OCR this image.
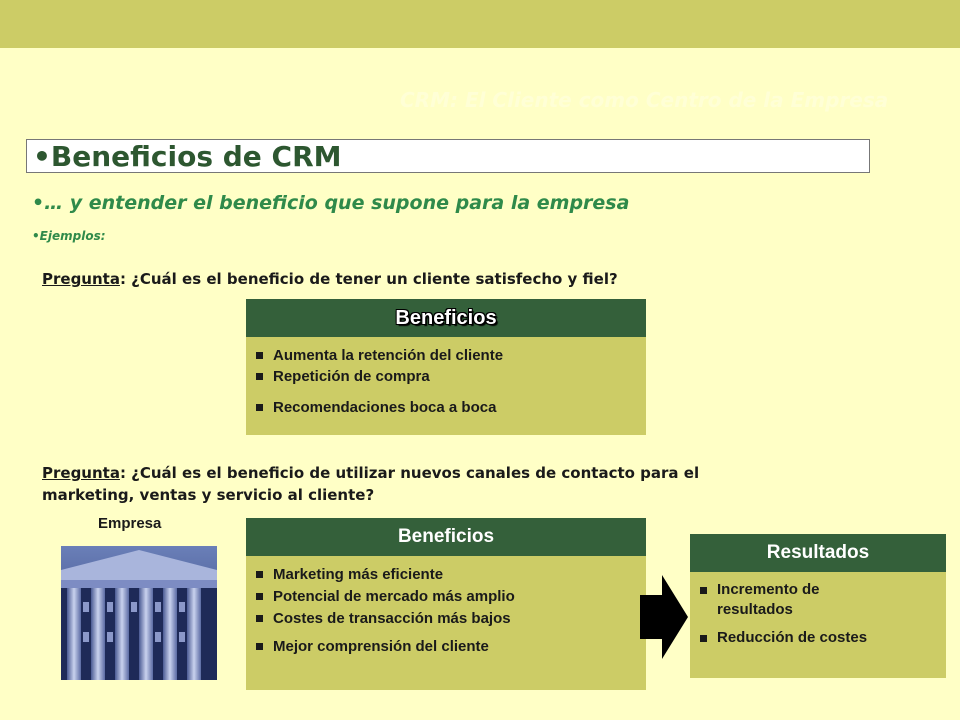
CRM: El Cliente como Centro de la Empresa
•Beneficios de CRM
•… y entender el beneficio que supone para la empresa
•Ejemplos:
Pregunta: ¿Cuál es el beneficio de tener un cliente satisfecho y fiel?
Beneficios
Aumenta la retención del cliente
Repetición de compra
Recomendaciones boca a boca
Pregunta: ¿Cuál es el beneficio de utilizar nuevos canales de contacto para el marketing, ventas y servicio al cliente?
Empresa
Beneficios
Marketing más eficiente
Potencial de mercado más amplio
Costes de transacción más bajos
Mejor comprensión del cliente
Resultados
Incremento de resultados
Reducción de costes
